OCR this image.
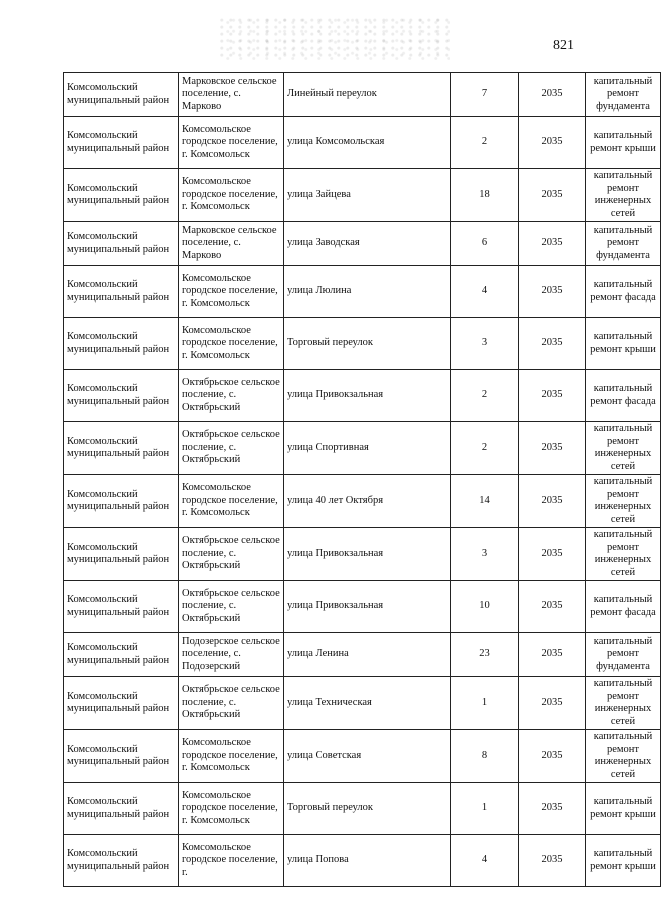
821
Комсомольский муниципальный район	Марковское сельское поселение, с. Марково	Линейный переулок	7	2035	капитальный ремонт фундамента
Комсомольский муниципальный район	Комсомольское городское поселение, г. Комсомольск	улица Комсомольская	2	2035	капитальный ремонт крыши
Комсомольский муниципальный район	Комсомольское городское поселение, г. Комсомольск	улица Зайцева	18	2035	капитальный ремонт инженерных сетей
Комсомольский муниципальный район	Марковское сельское поселение, с. Марково	улица Заводская	6	2035	капитальный ремонт фундамента
Комсомольский муниципальный район	Комсомольское городское поселение, г. Комсомольск	улица Люлина	4	2035	капитальный ремонт фасада
Комсомольский муниципальный район	Комсомольское городское поселение, г. Комсомольск	Торговый переулок	3	2035	капитальный ремонт крыши
Комсомольский муниципальный район	Октябрьское сельское посление, с. Октябрьский	улица Привокзальная	2	2035	капитальный ремонт фасада
Комсомольский муниципальный район	Октябрьское сельское посление, с. Октябрьский	улица Спортивная	2	2035	капитальный ремонт инженерных сетей
Комсомольский муниципальный район	Комсомольское городское поселение, г. Комсомольск	улица 40 лет Октября	14	2035	капитальный ремонт инженерных сетей
Комсомольский муниципальный район	Октябрьское сельское посление, с. Октябрьский	улица Привокзальная	3	2035	капитальный ремонт инженерных сетей
Комсомольский муниципальный район	Октябрьское сельское посление, с. Октябрьский	улица Привокзальная	10	2035	капитальный ремонт фасада
Комсомольский муниципальный район	Подозерское сельское поселение, с. Подозерский	улица Ленина	23	2035	капитальный ремонт фундамента
Комсомольский муниципальный район	Октябрьское сельское посление, с. Октябрьский	улица Техническая	1	2035	капитальный ремонт инженерных сетей
Комсомольский муниципальный район	Комсомольское городское поселение, г. Комсомольск	улица Советская	8	2035	капитальный ремонт инженерных сетей
Комсомольский муниципальный район	Комсомольское городское поселение, г. Комсомольск	Торговый переулок	1	2035	капитальный ремонт крыши
Комсомольский муниципальный район	Комсомольское городское поселение, г.	улица Попова	4	2035	капитальный ремонт крыши
